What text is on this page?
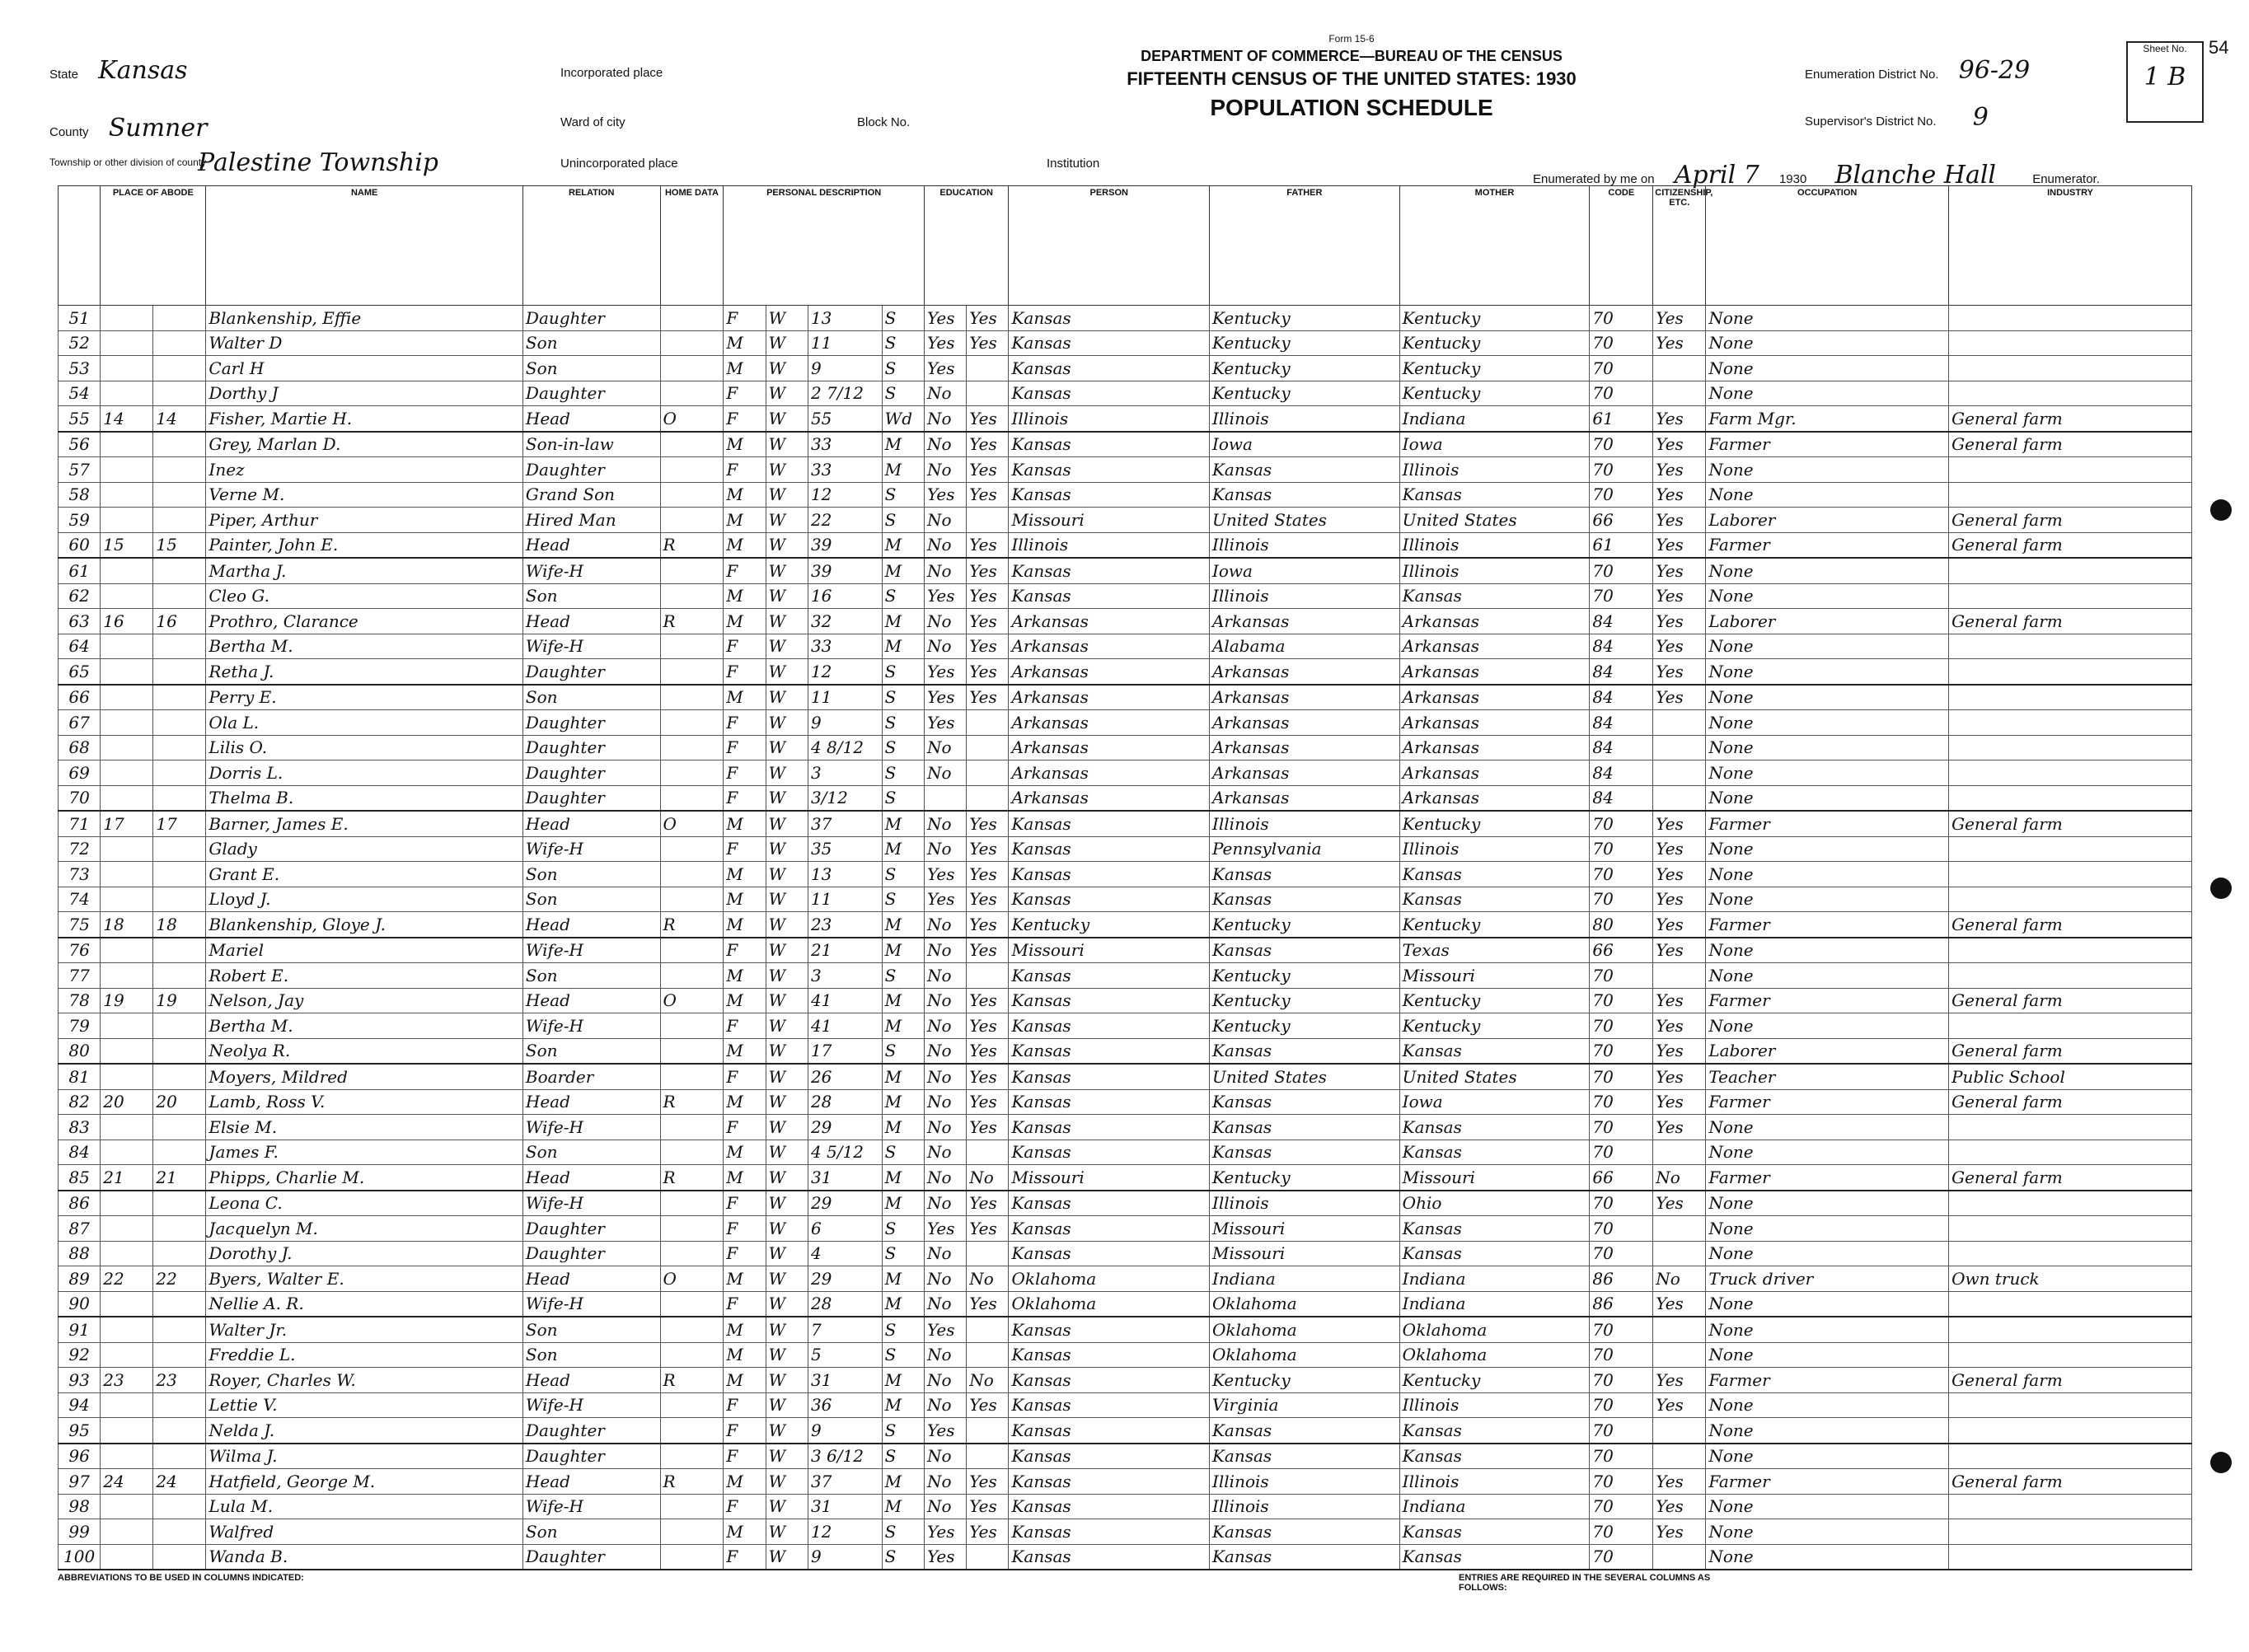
State Kansas
County Sumner
Township or other division of county
Palestine Township
Incorporated place
Ward of city	Block No.
Unincorporated place	Institution
Form 15-6
DEPARTMENT OF COMMERCE—BUREAU OF THE CENSUS
FIFTEENTH CENSUS OF THE UNITED STATES: 1930
POPULATION SCHEDULE
Enumeration District No. 96-29
Supervisor's District No. 9
Sheet No.
1 B
54
Enumerated by me on April 7 1930 Blanche Hall	Enumerator.
	PLACE OF ABODE		NAME	RELATION	HOME DATA	PERSONAL DESCRIPTION				EDUCATION		PERSON	FATHER	MOTHER	CODE	CITIZENSHIP, ETC.	OCCUPATION	INDUSTRY
51			Blankenship, Effie	Daughter		F	W	13	S	Yes	Yes	Kansas	Kentucky	Kentucky	70	Yes	None	
52			Walter D	Son		M	W	11	S	Yes	Yes	Kansas	Kentucky	Kentucky	70	Yes	None	
53			Carl H	Son		M	W	9	S	Yes		Kansas	Kentucky	Kentucky	70		None	
54			Dorthy J	Daughter		F	W	2 7/12	S	No		Kansas	Kentucky	Kentucky	70		None	
55	14	14	Fisher, Martie H.	Head	O	F	W	55	Wd	No	Yes	Illinois	Illinois	Indiana	61	Yes	Farm Mgr.	General farm
56			Grey, Marlan D.	Son-in-law		M	W	33	M	No	Yes	Kansas	Iowa	Iowa	70	Yes	Farmer	General farm
57			Inez	Daughter		F	W	33	M	No	Yes	Kansas	Kansas	Illinois	70	Yes	None	
58			Verne M.	Grand Son		M	W	12	S	Yes	Yes	Kansas	Kansas	Kansas	70	Yes	None	
59			Piper, Arthur	Hired Man		M	W	22	S	No		Missouri	United States	United States	66	Yes	Laborer	General farm
60	15	15	Painter, John E.	Head	R	M	W	39	M	No	Yes	Illinois	Illinois	Illinois	61	Yes	Farmer	General farm
61			Martha J.	Wife-H		F	W	39	M	No	Yes	Kansas	Iowa	Illinois	70	Yes	None	
62			Cleo G.	Son		M	W	16	S	Yes	Yes	Kansas	Illinois	Kansas	70	Yes	None	
63	16	16	Prothro, Clarance	Head	R	M	W	32	M	No	Yes	Arkansas	Arkansas	Arkansas	84	Yes	Laborer	General farm
64			Bertha M.	Wife-H		F	W	33	M	No	Yes	Arkansas	Alabama	Arkansas	84	Yes	None	
65			Retha J.	Daughter		F	W	12	S	Yes	Yes	Arkansas	Arkansas	Arkansas	84	Yes	None	
66			Perry E.	Son		M	W	11	S	Yes	Yes	Arkansas	Arkansas	Arkansas	84	Yes	None	
67			Ola L.	Daughter		F	W	9	S	Yes		Arkansas	Arkansas	Arkansas	84		None	
68			Lilis O.	Daughter		F	W	4 8/12	S	No		Arkansas	Arkansas	Arkansas	84		None	
69			Dorris L.	Daughter		F	W	3	S	No		Arkansas	Arkansas	Arkansas	84		None	
70			Thelma B.	Daughter		F	W	3/12	S			Arkansas	Arkansas	Arkansas	84		None	
71	17	17	Barner, James E.	Head	O	M	W	37	M	No	Yes	Kansas	Illinois	Kentucky	70	Yes	Farmer	General farm
72			Glady	Wife-H		F	W	35	M	No	Yes	Kansas	Pennsylvania	Illinois	70	Yes	None	
73			Grant E.	Son		M	W	13	S	Yes	Yes	Kansas	Kansas	Kansas	70	Yes	None	
74			Lloyd J.	Son		M	W	11	S	Yes	Yes	Kansas	Kansas	Kansas	70	Yes	None	
75	18	18	Blankenship, Gloye J.	Head	R	M	W	23	M	No	Yes	Kentucky	Kentucky	Kentucky	80	Yes	Farmer	General farm
76			Mariel	Wife-H		F	W	21	M	No	Yes	Missouri	Kansas	Texas	66	Yes	None	
77			Robert E.	Son		M	W	3	S	No		Kansas	Kentucky	Missouri	70		None	
78	19	19	Nelson, Jay	Head	O	M	W	41	M	No	Yes	Kansas	Kentucky	Kentucky	70	Yes	Farmer	General farm
79			Bertha M.	Wife-H		F	W	41	M	No	Yes	Kansas	Kentucky	Kentucky	70	Yes	None	
80			Neolya R.	Son		M	W	17	S	No	Yes	Kansas	Kansas	Kansas	70	Yes	Laborer	General farm
81			Moyers, Mildred	Boarder		F	W	26	M	No	Yes	Kansas	United States	United States	70	Yes	Teacher	Public School
82	20	20	Lamb, Ross V.	Head	R	M	W	28	M	No	Yes	Kansas	Kansas	Iowa	70	Yes	Farmer	General farm
83			Elsie M.	Wife-H		F	W	29	M	No	Yes	Kansas	Kansas	Kansas	70	Yes	None	
84			James F.	Son		M	W	4 5/12	S	No		Kansas	Kansas	Kansas	70		None	
85	21	21	Phipps, Charlie M.	Head	R	M	W	31	M	No	No	Missouri	Kentucky	Missouri	66	No	Farmer	General farm
86			Leona C.	Wife-H		F	W	29	M	No	Yes	Kansas	Illinois	Ohio	70	Yes	None	
87			Jacquelyn M.	Daughter		F	W	6	S	Yes	Yes	Kansas	Missouri	Kansas	70		None	
88			Dorothy J.	Daughter		F	W	4	S	No		Kansas	Missouri	Kansas	70		None	
89	22	22	Byers, Walter E.	Head	O	M	W	29	M	No	No	Oklahoma	Indiana	Indiana	86	No	Truck driver	Own truck
90			Nellie A. R.	Wife-H		F	W	28	M	No	Yes	Oklahoma	Oklahoma	Indiana	86	Yes	None	
91			Walter Jr.	Son		M	W	7	S	Yes		Kansas	Oklahoma	Oklahoma	70		None	
92			Freddie L.	Son		M	W	5	S	No		Kansas	Oklahoma	Oklahoma	70		None	
93	23	23	Royer, Charles W.	Head	R	M	W	31	M	No	No	Kansas	Kentucky	Kentucky	70	Yes	Farmer	General farm
94			Lettie V.	Wife-H		F	W	36	M	No	Yes	Kansas	Virginia	Illinois	70	Yes	None	
95			Nelda J.	Daughter		F	W	9	S	Yes		Kansas	Kansas	Kansas	70		None	
96			Wilma J.	Daughter		F	W	3 6/12	S	No		Kansas	Kansas	Kansas	70		None	
97	24	24	Hatfield, George M.	Head	R	M	W	37	M	No	Yes	Kansas	Illinois	Illinois	70	Yes	Farmer	General farm
98			Lula M.	Wife-H		F	W	31	M	No	Yes	Kansas	Illinois	Indiana	70	Yes	None	
99			Walfred	Son		M	W	12	S	Yes	Yes	Kansas	Kansas	Kansas	70	Yes	None	
100			Wanda B.	Daughter		F	W	9	S	Yes		Kansas	Kansas	Kansas	70		None	
ABBREVIATIONS TO BE USED IN COLUMNS INDICATED:	ENTRIES ARE REQUIRED IN THE SEVERAL COLUMNS AS FOLLOWS:
